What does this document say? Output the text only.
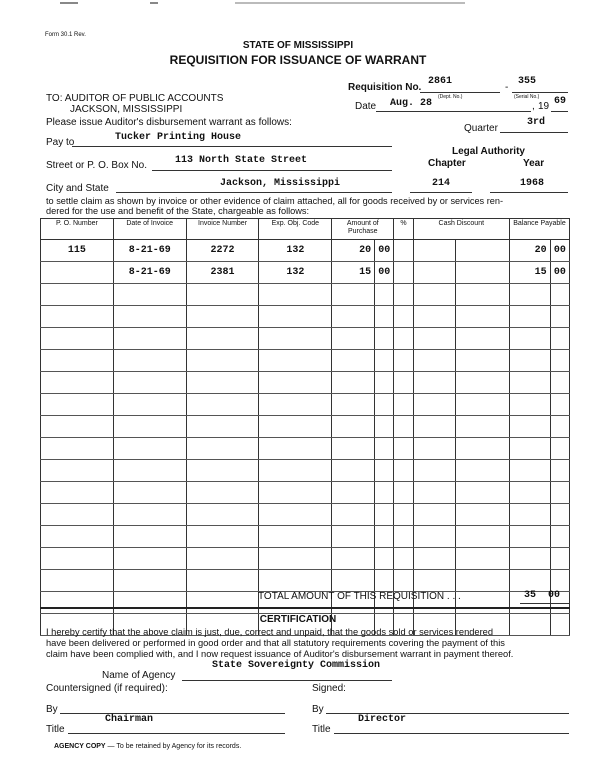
Form 30.1 Rev.
STATE OF MISSISSIPPI
REQUISITION FOR ISSUANCE OF WARRANT
Requisition No.
2861
-
355
(Dept. No.)	(Serial No.)
TO: AUDITOR OF PUBLIC ACCOUNTS
JACKSON, MISSISSIPPI
Please issue Auditor's disbursement warrant as follows:
Date Aug. 28	, 19 69
Quarter
3rd
Pay to	Tucker Printing House
Legal Authority
Chapter	Year
Street or P. O. Box No.	113 North State Street
City and State	Jackson, Mississippi	214	1968
to settle claim as shown by invoice or other evidence of claim attached, all for goods received by or services ren-
dered for the use and benefit of the State, chargeable as follows:
P. O. Number	Date of Invoice	Invoice Number	Exp. Obj. Code	Amount of Purchase		%	Cash Discount		Balance Payable	
115	8-21-69	2272	132	20	00				20	00
	8-21-69	2381	132	15	00				15	00

TOTAL AMOUNT OF THIS REQUISITION . . .	35 00
CERTIFICATION
I hereby certify that the above claim is just, due, correct and unpaid, that the goods sold or services rendered
have been delivered or performed in good order and that all statutory requirements covering the payment of this
claim have been complied with, and I now request issuance of Auditor's disbursement warrant in payment thereof.
State Sovereignty Commission
Name of Agency
Countersigned (if required):	Signed:
By	By
Chairman
Title
Director
Title
AGENCY COPY — To be retained by Agency for its records.
